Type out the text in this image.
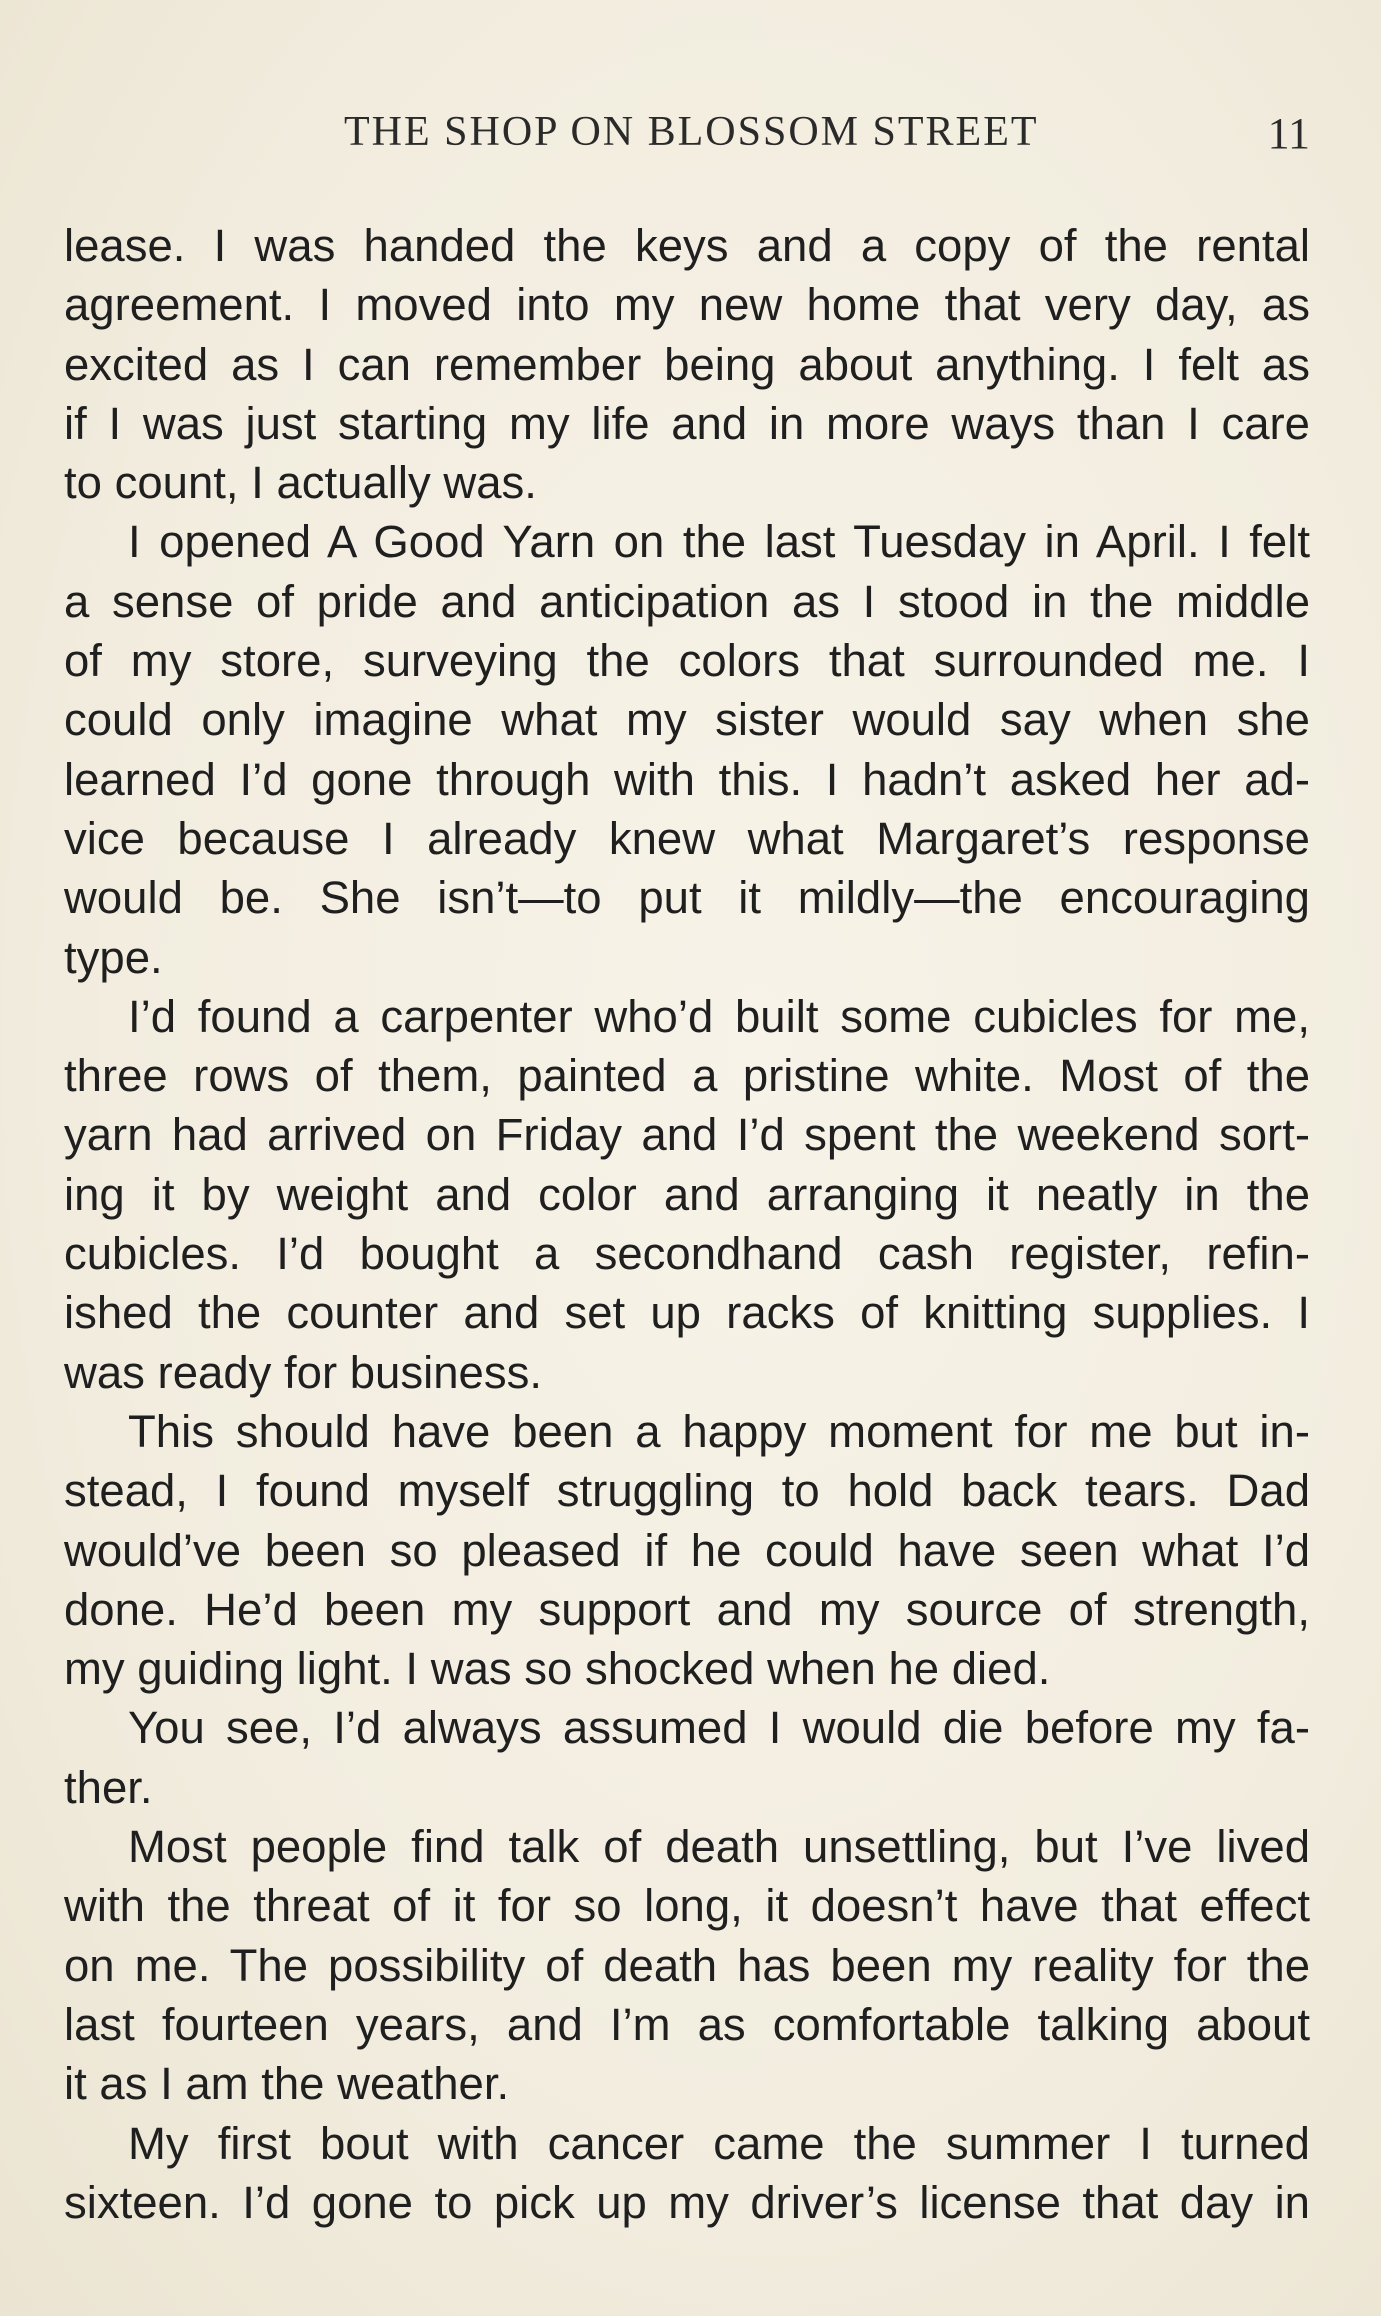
THE SHOP ON BLOSSOM STREET	11
lease. I was handed the keys and a copy of the rental
agreement. I moved into my new home that very day, as
excited as I can remember being about anything. I felt as
if I was just starting my life and in more ways than I care
to count, I actually was.
I opened A Good Yarn on the last Tuesday in April. I felt
a sense of pride and anticipation as I stood in the middle
of my store, surveying the colors that surrounded me. I
could only imagine what my sister would say when she
learned I’d gone through with this. I hadn’t asked her ad-
vice because I already knew what Margaret’s response
would be. She isn’t—to put it mildly—the encouraging
type.
I’d found a carpenter who’d built some cubicles for me,
three rows of them, painted a pristine white. Most of the
yarn had arrived on Friday and I’d spent the weekend sort-
ing it by weight and color and arranging it neatly in the
cubicles. I’d bought a secondhand cash register, refin-
ished the counter and set up racks of knitting supplies. I
was ready for business.
This should have been a happy moment for me but in-
stead, I found myself struggling to hold back tears. Dad
would’ve been so pleased if he could have seen what I’d
done. He’d been my support and my source of strength,
my guiding light. I was so shocked when he died.
You see, I’d always assumed I would die before my fa-
ther.
Most people find talk of death unsettling, but I’ve lived
with the threat of it for so long, it doesn’t have that effect
on me. The possibility of death has been my reality for the
last fourteen years, and I’m as comfortable talking about
it as I am the weather.
My first bout with cancer came the summer I turned
sixteen. I’d gone to pick up my driver’s license that day in
